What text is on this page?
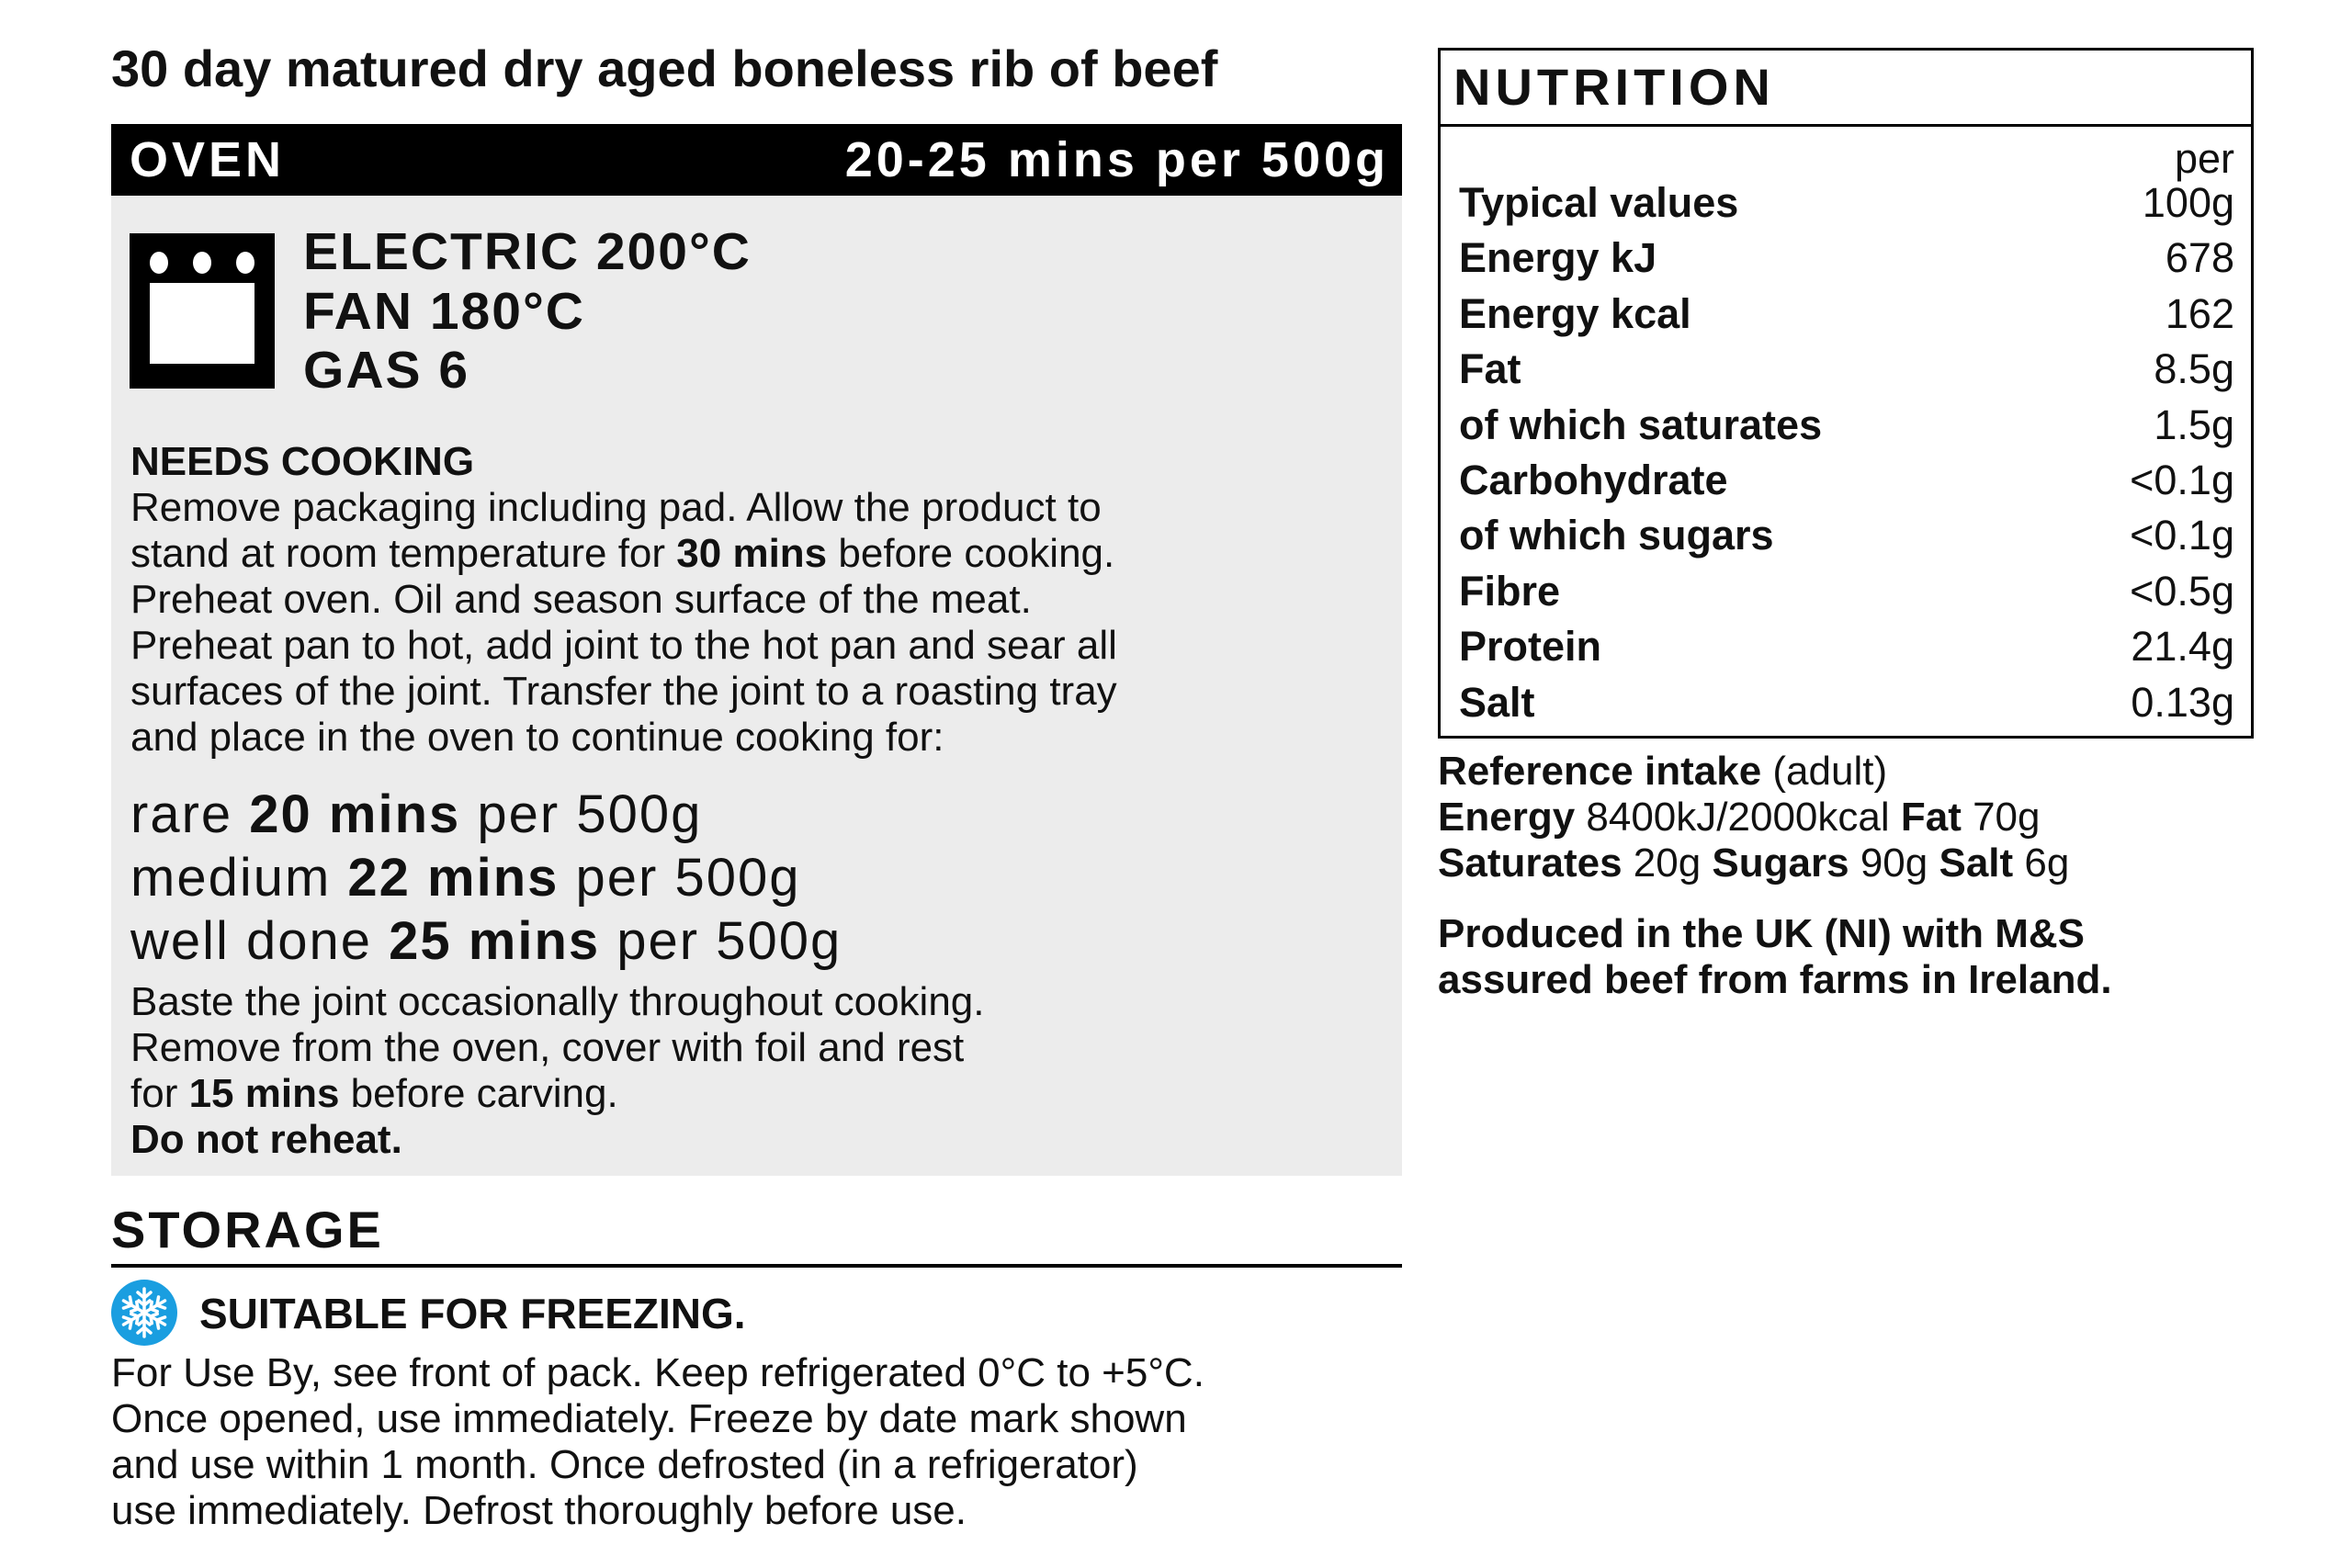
30 day matured dry aged boneless rib of beef
OVEN	20-25 mins per 500g
ELECTRIC 200°C
FAN 180°C
GAS 6
NEEDS COOKING
Remove packaging including pad. Allow the product to
stand at room temperature for 30 mins before cooking.
Preheat oven. Oil and season surface of the meat.
Preheat pan to hot, add joint to the hot pan and sear all
surfaces of the joint. Transfer the joint to a roasting tray
and place in the oven to continue cooking for:
rare 20 mins per 500g
medium 22 mins per 500g
well done 25 mins per 500g
Baste the joint occasionally throughout cooking.
Remove from the oven, cover with foil and rest
for 15 mins before carving.
Do not reheat.
STORAGE
SUITABLE FOR FREEZING.
For Use By, see front of pack. Keep refrigerated 0°C to +5°C.
Once opened, use immediately. Freeze by date mark shown
and use within 1 month. Once defrosted (in a refrigerator)
use immediately. Defrost thoroughly before use.
NUTRITION
per
Typical values	100g
Energy kJ	678
Energy kcal	162
Fat	8.5g
of which saturates	1.5g
Carbohydrate	<0.1g
of which sugars	<0.1g
Fibre	<0.5g
Protein	21.4g
Salt	0.13g
Reference intake (adult)
Energy 8400kJ/2000kcal Fat 70g
Saturates 20g Sugars 90g Salt 6g
Produced in the UK (NI) with M&S
assured beef from farms in Ireland.
